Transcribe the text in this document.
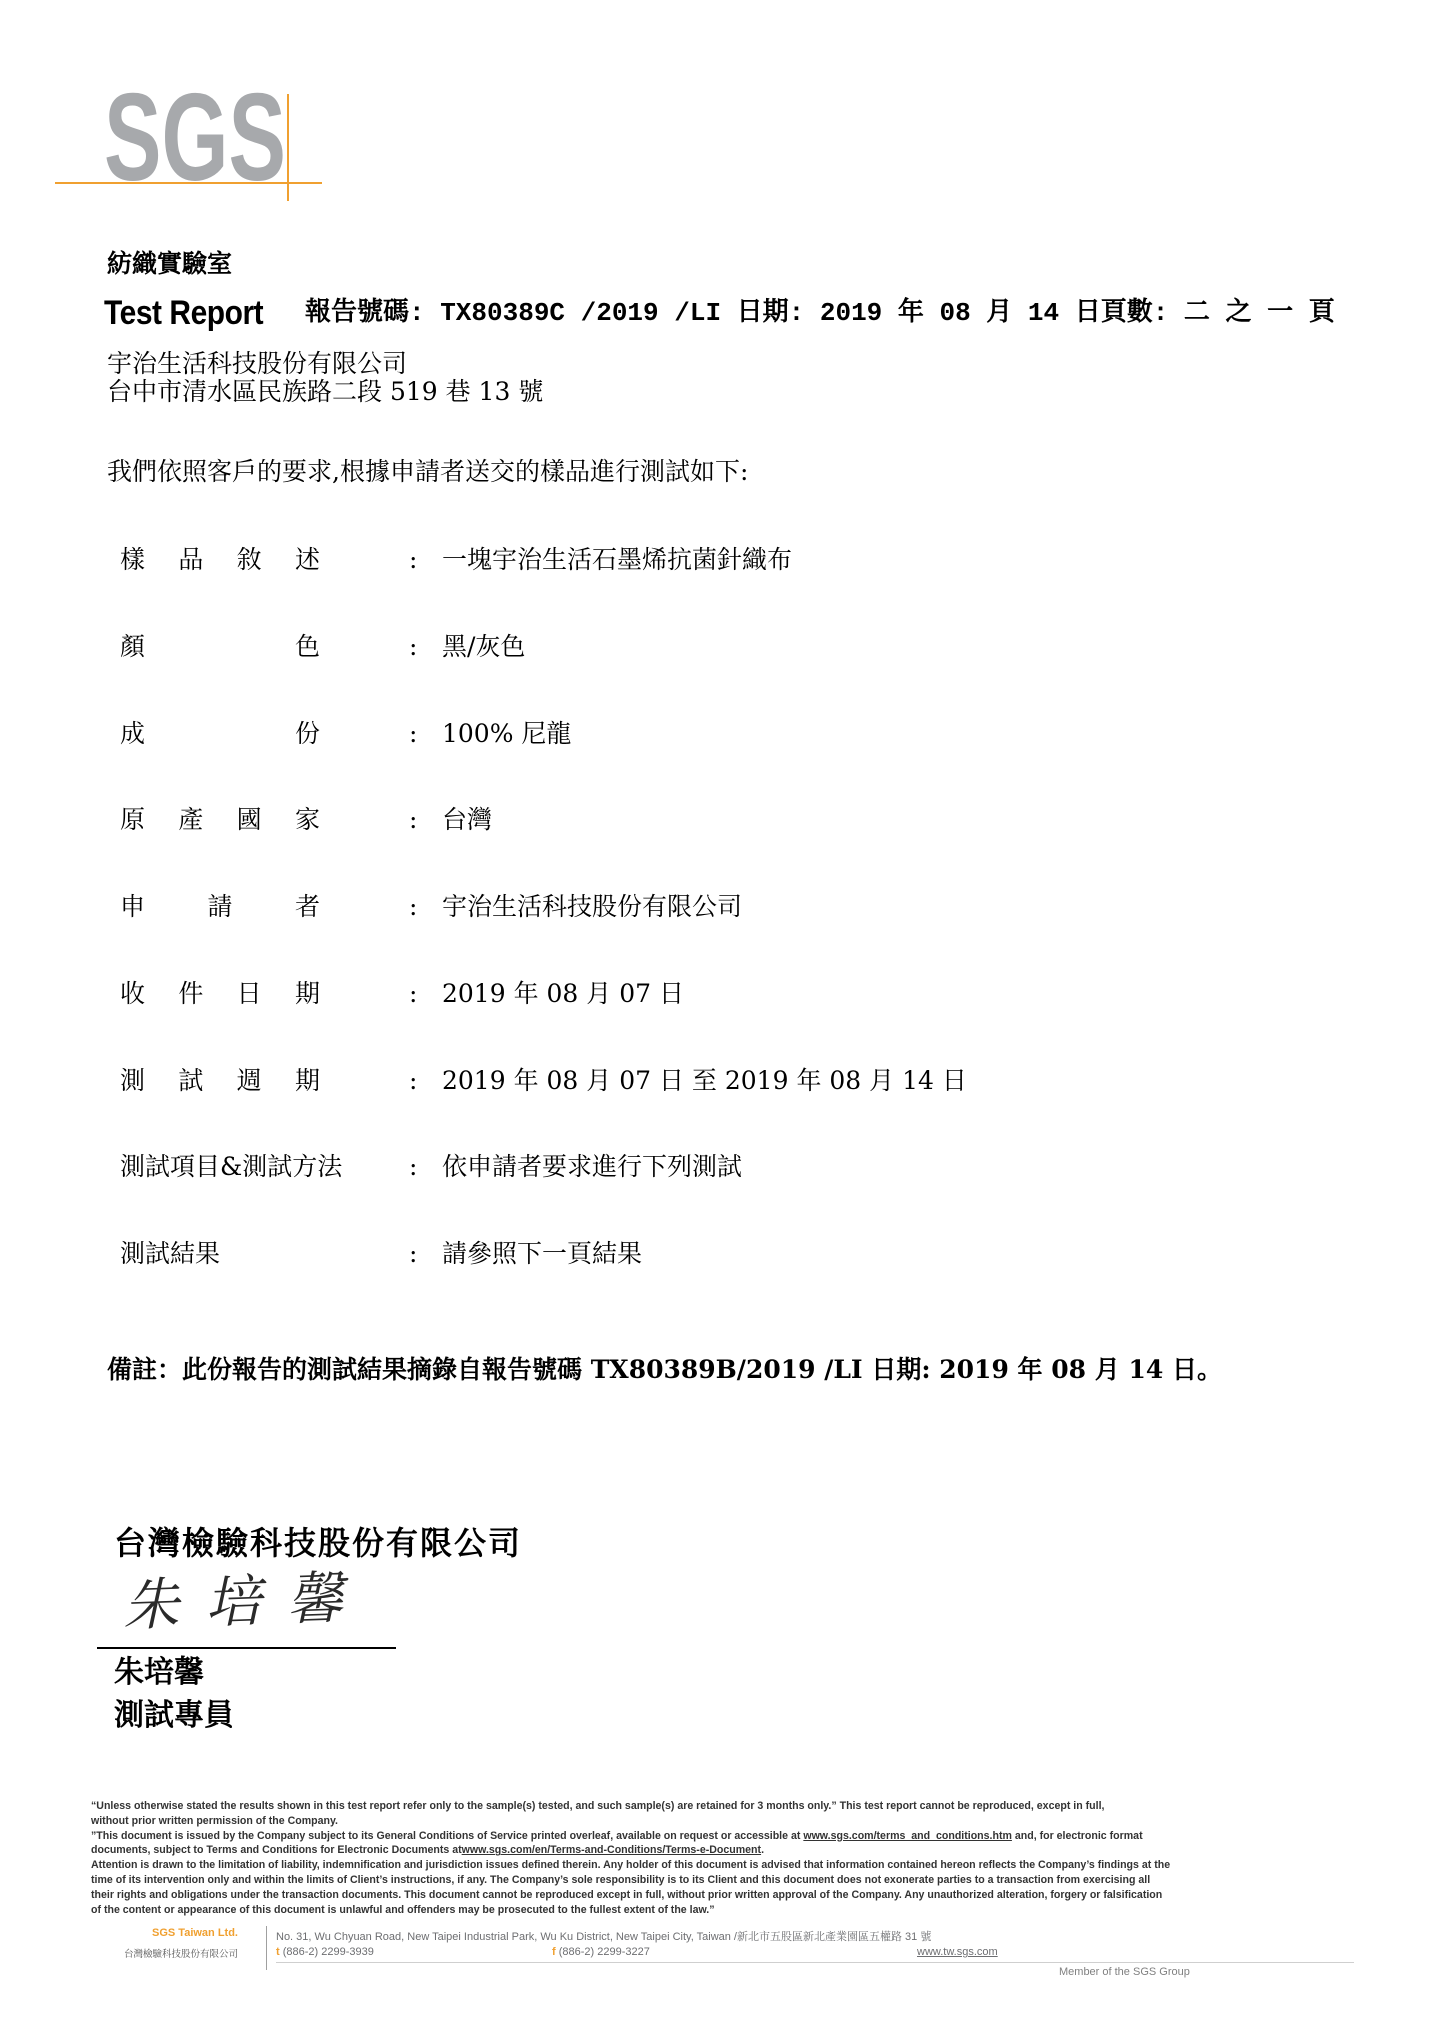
SGS
紡織實驗室
Test Report 報告號碼: TX80389C /2019 /LI 日期: 2019 年 08 月 14 日頁數: 二 之 一 頁
宇治生活科技股份有限公司
台中市清水區民族路二段 519 巷 13 號
我們依照客戶的要求,根據申請者送交的樣品進行測試如下:
樣 品 敘 述	: 一塊宇治生活石墨烯抗菌針織布
顏 色	: 黑/灰色
成 份	: 100% 尼龍
原 產 國 家	: 台灣
申 請 者	: 宇治生活科技股份有限公司
收 件 日 期	: 2019 年 08 月 07 日
測 試 週 期	: 2019 年 08 月 07 日 至 2019 年 08 月 14 日
測試項目&測試方法	: 依申請者要求進行下列測試
測試結果	: 請參照下一頁結果
備註：此份報告的測試結果摘錄自報告號碼 TX80389B/2019 /LI 日期: 2019 年 08 月 14 日。
台灣檢驗科技股份有限公司
朱培馨
朱培馨
測試專員
“Unless otherwise stated the results shown in this test report refer only to the sample(s) tested, and such sample(s) are retained for 3 months only.” This test report cannot be reproduced, except in full,
without prior written permission of the Company.
”This document is issued by the Company subject to its General Conditions of Service printed overleaf, available on request or accessible at www.sgs.com/terms_and_conditions.htm and, for electronic format
documents, subject to Terms and Conditions for Electronic Documents atwww.sgs.com/en/Terms-and-Conditions/Terms-e-Document.
Attention is drawn to the limitation of liability, indemnification and jurisdiction issues defined therein. Any holder of this document is advised that information contained hereon reflects the Company’s findings at the
time of its intervention only and within the limits of Client’s instructions, if any. The Company’s sole responsibility is to its Client and this document does not exonerate parties to a transaction from exercising all
their rights and obligations under the transaction documents. This document cannot be reproduced except in full, without prior written approval of the Company. Any unauthorized alteration, forgery or falsification
of the content or appearance of this document is unlawful and offenders may be prosecuted to the fullest extent of the law.”
SGS Taiwan Ltd.
台灣檢驗科技股份有限公司
No. 31, Wu Chyuan Road, New Taipei Industrial Park, Wu Ku District, New Taipei City, Taiwan /新北市五股區新北產業園區五權路 31 號
t (886-2) 2299-3939	f (886-2) 2299-3227	www.tw.sgs.com
Member of the SGS Group
